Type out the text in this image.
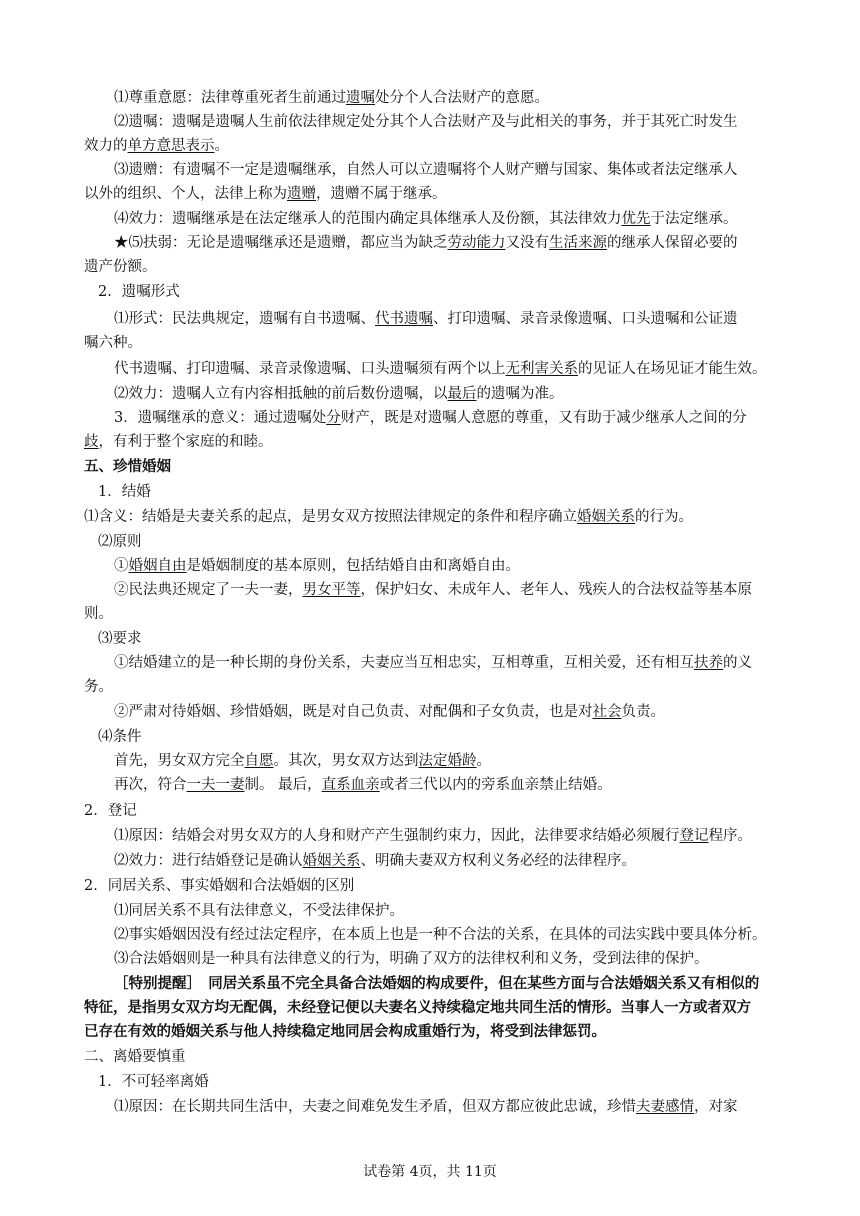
⑴尊重意愿：法律尊重死者生前通过遗嘱处分个人合法财产的意愿。
⑵遗嘱：遗嘱是遗嘱人生前依法律规定处分其个人合法财产及与此相关的事务，并于其死亡时发生
效力的单方意思表示。
⑶遗赠：有遗嘱不一定是遗嘱继承，自然人可以立遗嘱将个人财产赠与国家、集体或者法定继承人
以外的组织、个人，法律上称为遗赠，遗赠不属于继承。
⑷效力：遗嘱继承是在法定继承人的范围内确定具体继承人及份额，其法律效力优先于法定继承。
★⑸扶弱：无论是遗嘱继承还是遗赠，都应当为缺乏劳动能力又没有生活来源的继承人保留必要的
遗产份额。
2．遗嘱形式
⑴形式：民法典规定，遗嘱有自书遗嘱、代书遗嘱、打印遗嘱、录音录像遗嘱、口头遗嘱和公证遗
嘱六种。
代书遗嘱、打印遗嘱、录音录像遗嘱、口头遗嘱须有两个以上无利害关系的见证人在场见证才能生效。
⑵效力：遗嘱人立有内容相抵触的前后数份遗嘱，以最后的遗嘱为准。
3．遗嘱继承的意义：通过遗嘱处分财产，既是对遗嘱人意愿的尊重，又有助于减少继承人之间的分
歧，有利于整个家庭的和睦。
五、珍惜婚姻
1．结婚
⑴含义：结婚是夫妻关系的起点，是男女双方按照法律规定的条件和程序确立婚姻关系的行为。
⑵原则
①婚姻自由是婚姻制度的基本原则，包括结婚自由和离婚自由。
②民法典还规定了一夫一妻，男女平等，保护妇女、未成年人、老年人、残疾人的合法权益等基本原
则。
⑶要求
①结婚建立的是一种长期的身份关系，夫妻应当互相忠实，互相尊重，互相关爱，还有相互扶养的义
务。
②严肃对待婚姻、珍惜婚姻，既是对自己负责、对配偶和子女负责，也是对社会负责。
⑷条件
首先，男女双方完全自愿。其次，男女双方达到法定婚龄。
再次，符合一夫一妻制。 最后，直系血亲或者三代以内的旁系血亲禁止结婚。
2．登记
⑴原因：结婚会对男女双方的人身和财产产生强制约束力，因此，法律要求结婚必须履行登记程序。
⑵效力：进行结婚登记是确认婚姻关系、明确夫妻双方权利义务必经的法律程序。
2．同居关系、事实婚姻和合法婚姻的区别
⑴同居关系不具有法律意义，不受法律保护。
⑵事实婚姻因没有经过法定程序，在本质上也是一种不合法的关系，在具体的司法实践中要具体分析。
⑶合法婚姻则是一种具有法律意义的行为，明确了双方的法律权利和义务，受到法律的保护。
［特别提醒］　同居关系虽不完全具备合法婚姻的构成要件，但在某些方面与合法婚姻关系又有相似的
特征，是指男女双方均无配偶，未经登记便以夫妻名义持续稳定地共同生活的情形。当事人一方或者双方
已存在有效的婚姻关系与他人持续稳定地同居会构成重婚行为，将受到法律惩罚。
二、离婚要慎重
1．不可轻率离婚
⑴原因：在长期共同生活中，夫妻之间难免发生矛盾，但双方都应彼此忠诚，珍惜夫妻感情，对家
试卷第 4页，共 11页
